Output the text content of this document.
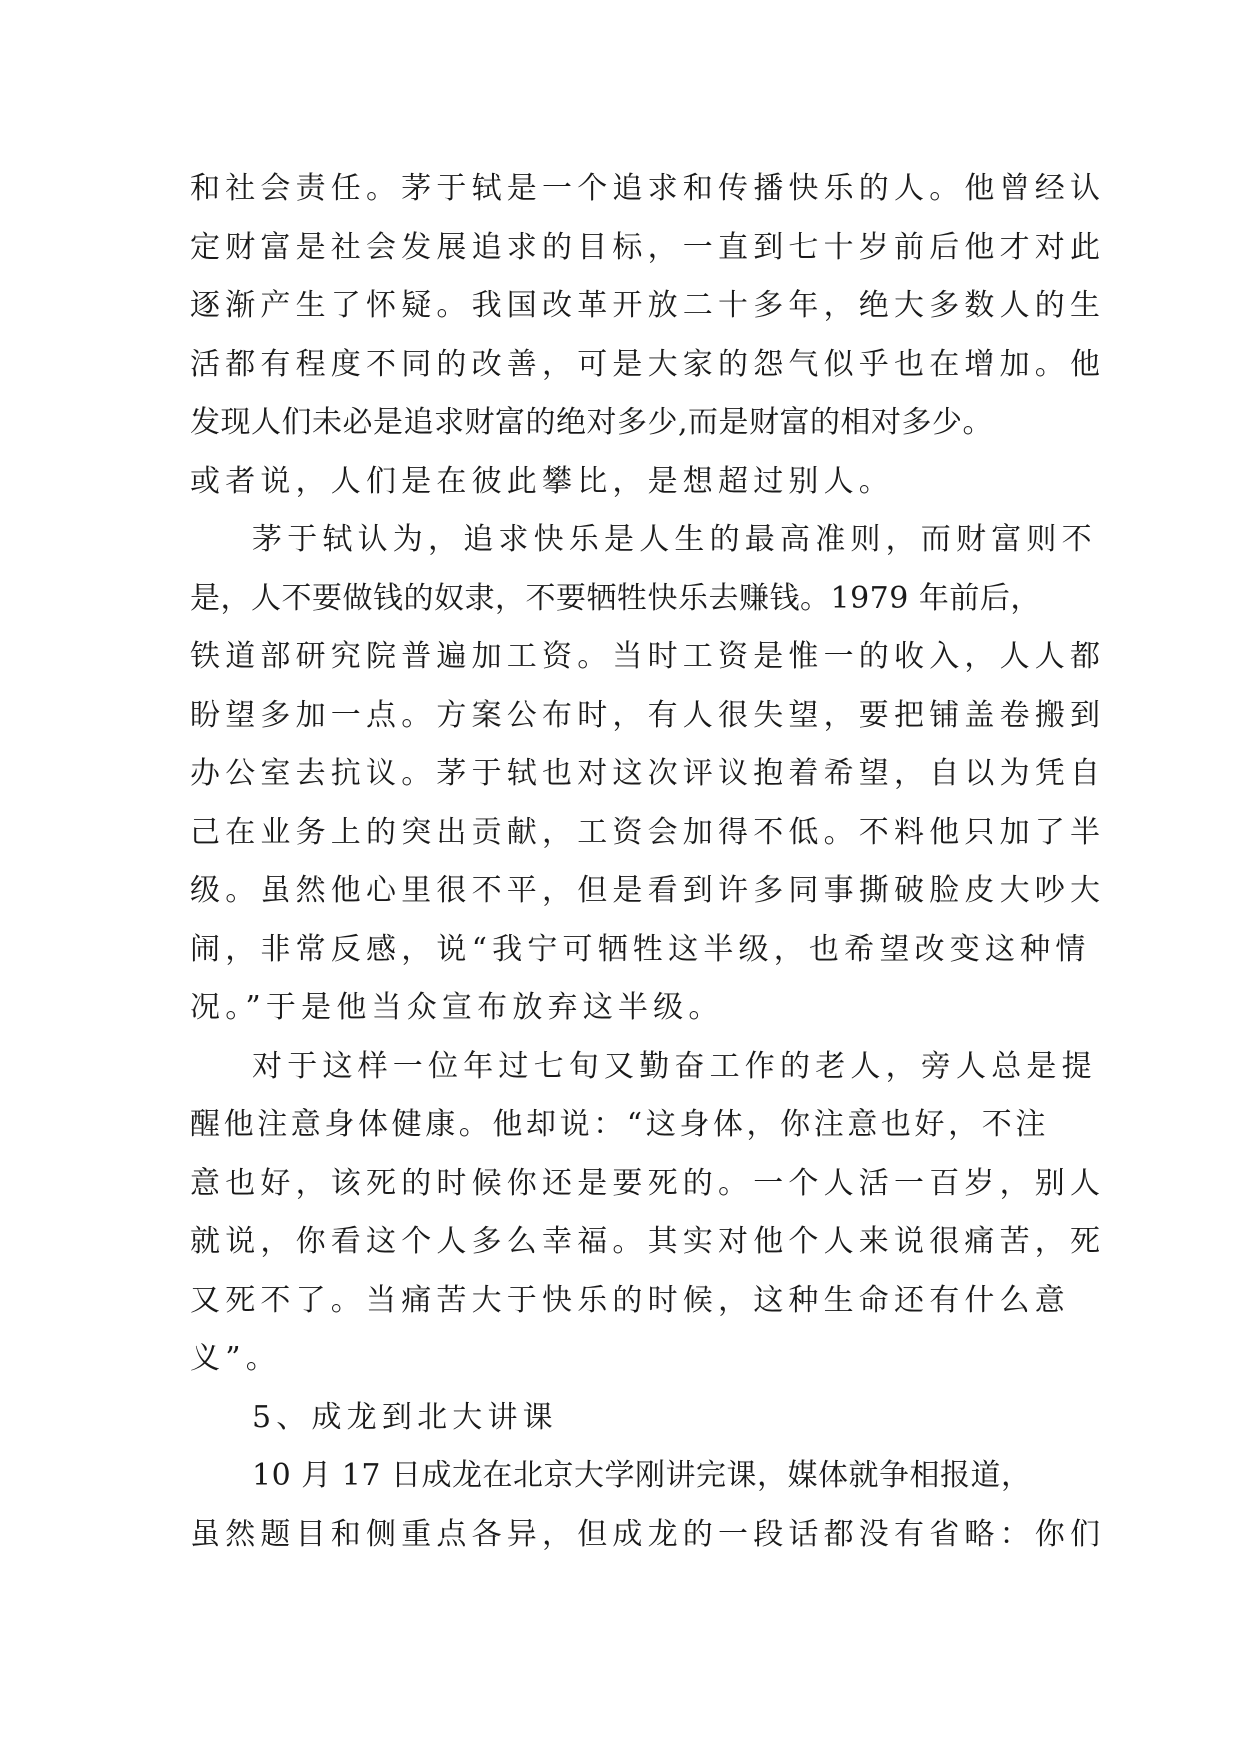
和社会责任。茅于轼是一个追求和传播快乐的人。他曾经认
定财富是社会发展追求的目标，一直到七十岁前后他才对此
逐渐产生了怀疑。我国改革开放二十多年，绝大多数人的生
活都有程度不同的改善，可是大家的怨气似乎也在增加。他
发现人们未必是追求财富的绝对多少,而是财富的相对多少。
或者说，人们是在彼此攀比，是想超过别人。
茅于轼认为，追求快乐是人生的最高准则，而财富则不
是，人不要做钱的奴隶，不要牺牲快乐去赚钱。1979 年前后，
铁道部研究院普遍加工资。当时工资是惟一的收入，人人都
盼望多加一点。方案公布时，有人很失望，要把铺盖卷搬到
办公室去抗议。茅于轼也对这次评议抱着希望，自以为凭自
己在业务上的突出贡献，工资会加得不低。不料他只加了半
级。虽然他心里很不平，但是看到许多同事撕破脸皮大吵大
闹，非常反感，说“我宁可牺牲这半级，也希望改变这种情
况。”于是他当众宣布放弃这半级。
对于这样一位年过七旬又勤奋工作的老人，旁人总是提
醒他注意身体健康。他却说：“这身体，你注意也好，不注
意也好，该死的时候你还是要死的。一个人活一百岁，别人
就说，你看这个人多么幸福。其实对他个人来说很痛苦，死
又死不了。当痛苦大于快乐的时候，这种生命还有什么意
义”。
5、成龙到北大讲课
10 月 17 日成龙在北京大学刚讲完课，媒体就争相报道，
虽然题目和侧重点各异，但成龙的一段话都没有省略：你们
